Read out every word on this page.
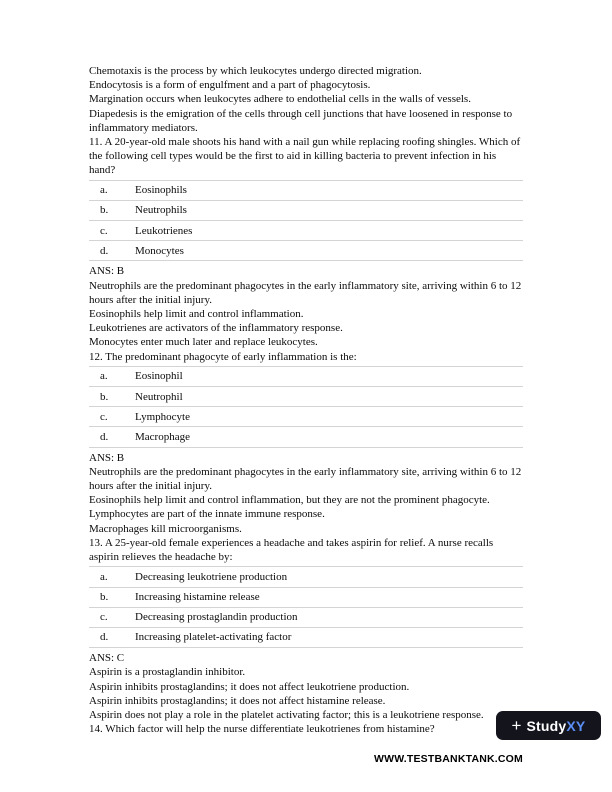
Chemotaxis is the process by which leukocytes undergo directed migration.

Endocytosis is a form of engulfment and a part of phagocytosis.

Margination occurs when leukocytes adhere to endothelial cells in the walls of vessels.

Diapedesis is the emigration of the cells through cell junctions that have loosened in response to inflammatory mediators.

11. A 20-year-old male shoots his hand with a nail gun while replacing roofing shingles. Which of the following cell types would be the first to aid in killing bacteria to prevent infection in his hand?

a.	Eosinophils
b.	Neutrophils
c.	Leukotrienes
d.	Monocytes

ANS: B

Neutrophils are the predominant phagocytes in the early inflammatory site, arriving within 6 to 12 hours after the initial injury.

Eosinophils help limit and control inflammation.

Leukotrienes are activators of the inflammatory response.

Monocytes enter much later and replace leukocytes.

12. The predominant phagocyte of early inflammation is the:

a.	Eosinophil
b.	Neutrophil
c.	Lymphocyte
d.	Macrophage

ANS: B

Neutrophils are the predominant phagocytes in the early inflammatory site, arriving within 6 to 12 hours after the initial injury.

Eosinophils help limit and control inflammation, but they are not the prominent phagocyte.

Lymphocytes are part of the innate immune response.

Macrophages kill microorganisms.

13. A 25-year-old female experiences a headache and takes aspirin for relief. A nurse recalls aspirin relieves the headache by:

a.	Decreasing leukotriene production
b.	Increasing histamine release
c.	Decreasing prostaglandin production
d.	Increasing platelet-activating factor

ANS: C

Aspirin is a prostaglandin inhibitor.

Aspirin inhibits prostaglandins; it does not affect leukotriene production.

Aspirin inhibits prostaglandins; it does not affect histamine release.

Aspirin does not play a role in the platelet activating factor; this is a leukotriene response.

14. Which factor will help the nurse differentiate leukotrienes from histamine?	+ StudyXY
WWW.TESTBANKTANK.COM
